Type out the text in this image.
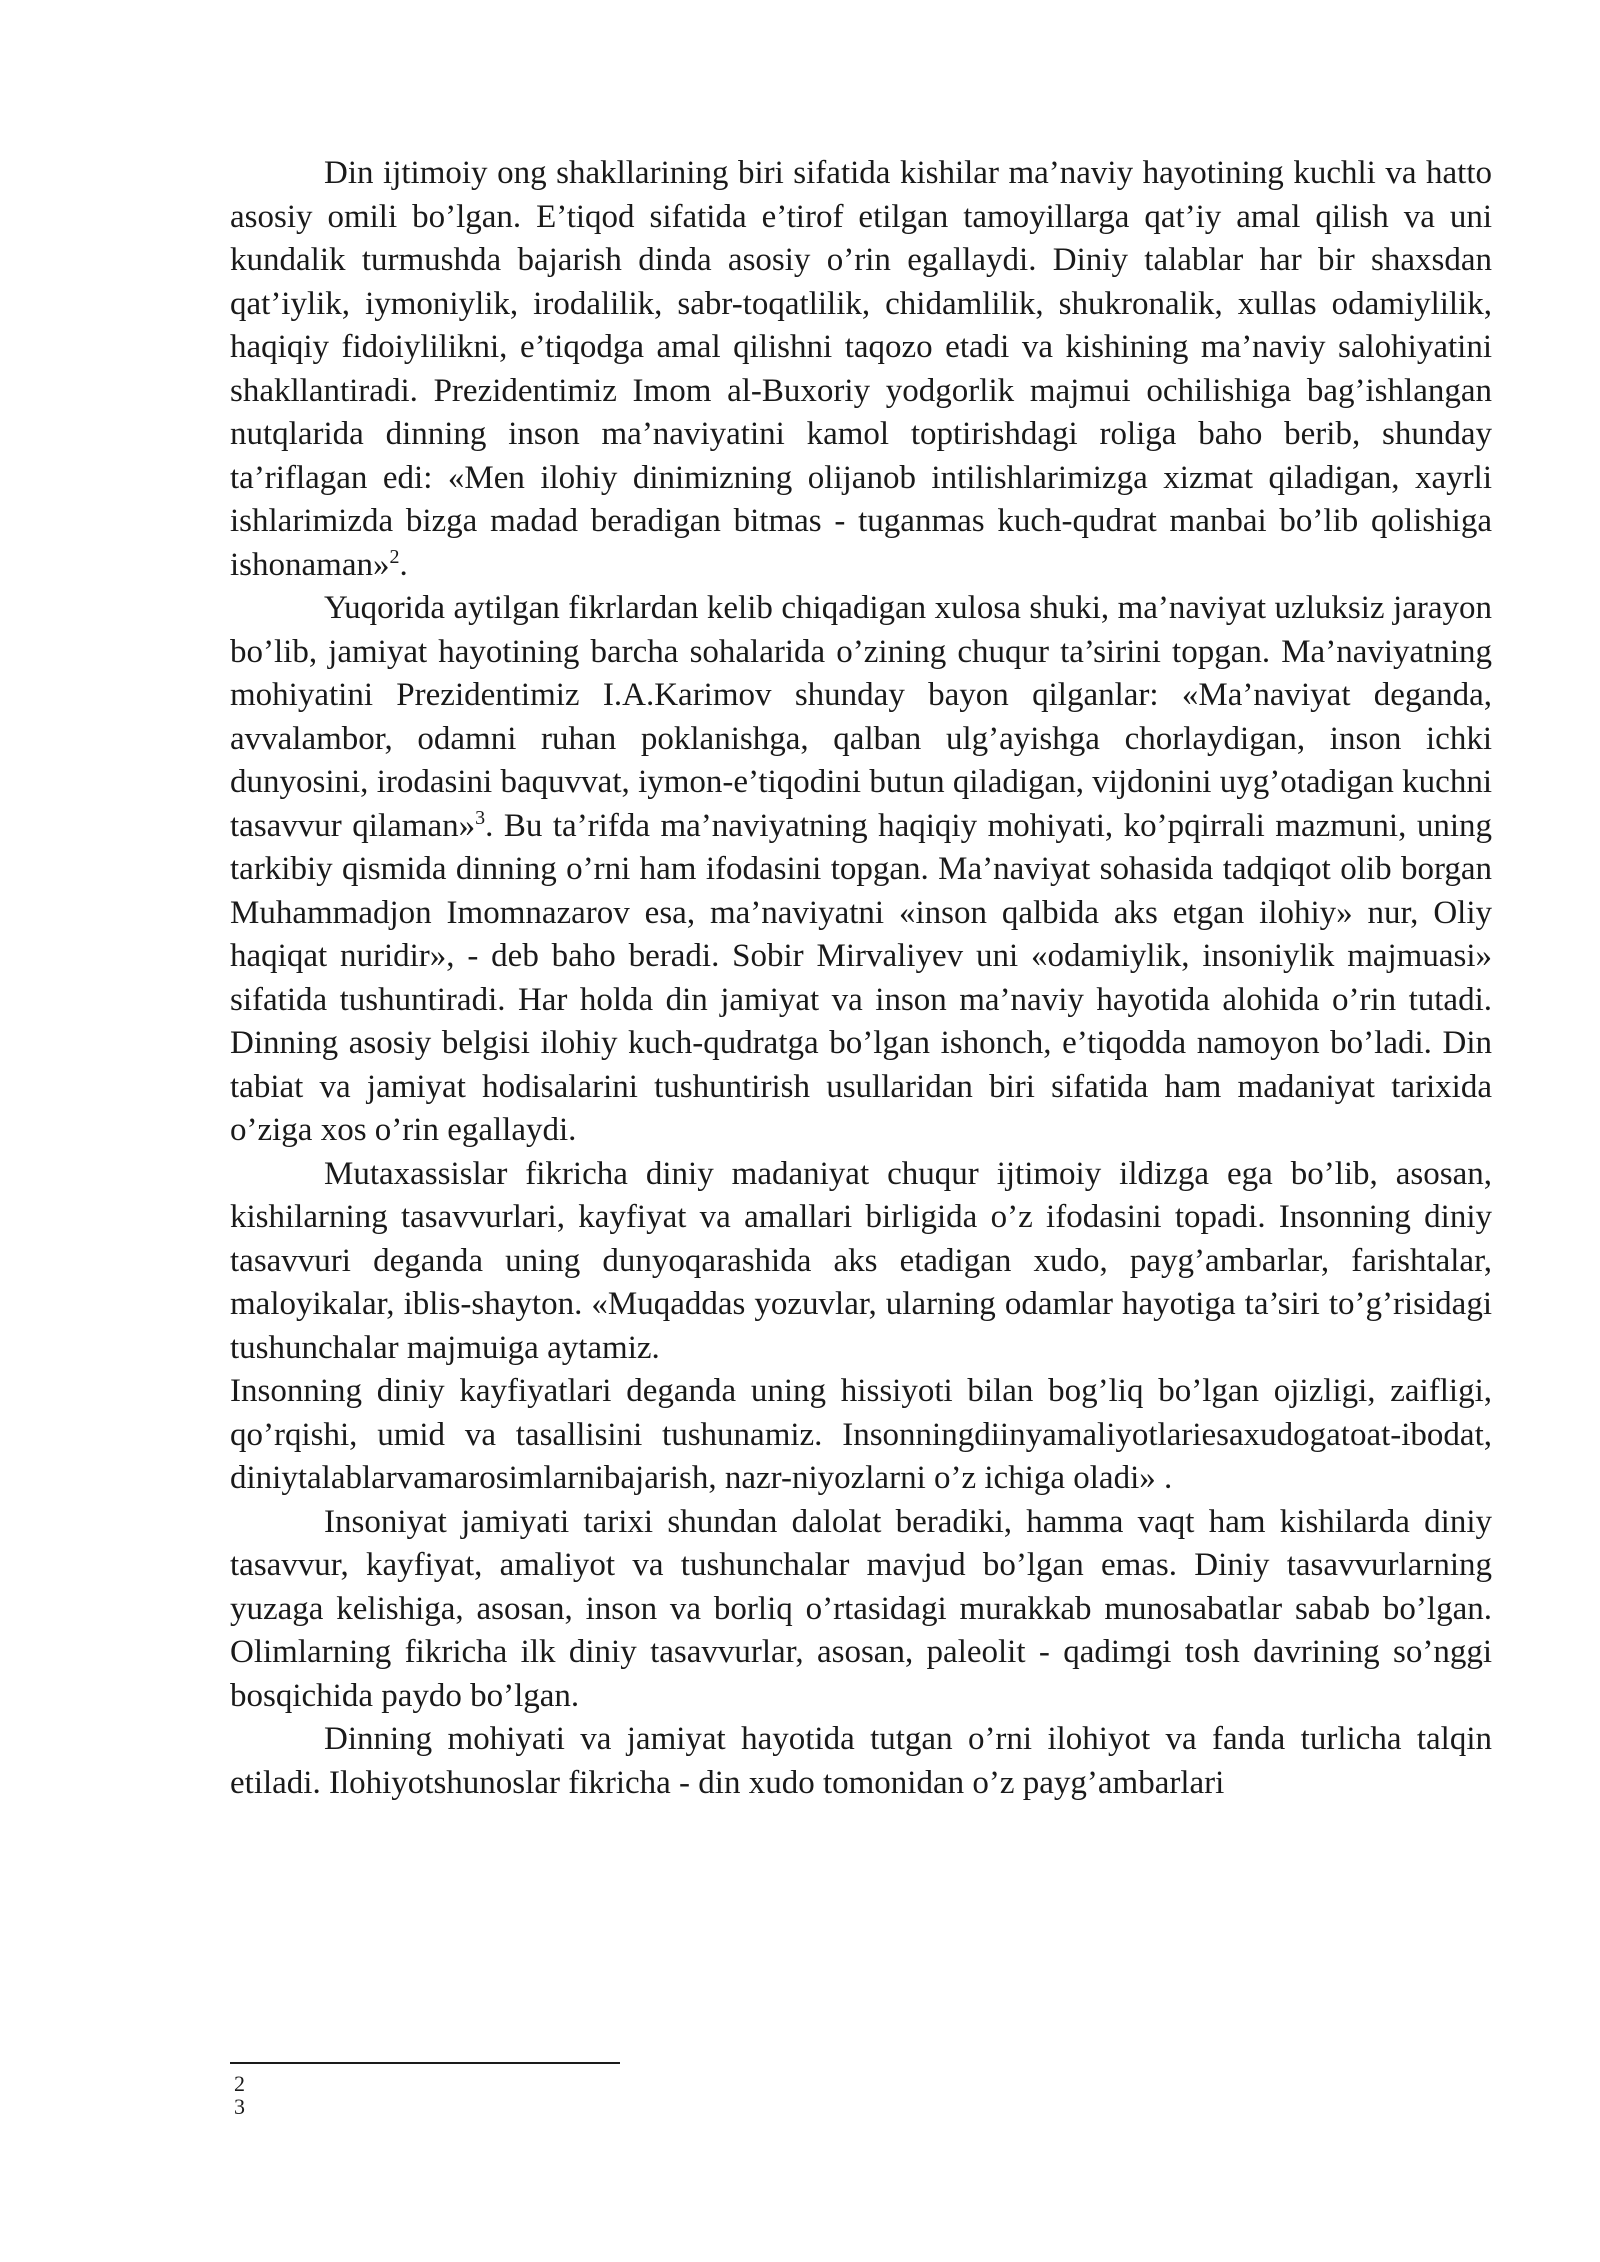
Din ijtimoiy ong shakllarining biri sifatida kishilar ma’naviy hayotining kuchli va hatto asosiy omili bo’lgan. E’tiqod sifatida e’tirof etilgan tamoyillarga qat’iy amal qilish va uni kundalik turmushda bajarish dinda asosiy o’rin egallaydi. Diniy talablar har bir shaxsdan qat’iylik, iymoniylik, irodalilik, sabr-toqatlilik, chidamlilik, shukronalik, xullas odamiylilik, haqiqiy fidoiylilikni, e’tiqodga amal qilishni taqozo etadi va kishining ma’naviy salohiyatini shakllantiradi. Prezidentimiz Imom al-Buxoriy yodgorlik majmui ochilishiga bag’ishlangan nutqlarida dinning inson ma’naviyatini kamol toptirishdagi roliga baho berib, shunday ta’riflagan edi: «Men ilohiy dinimizning olijanob intilishlarimizga xizmat qiladigan, xayrli ishlarimizda bizga madad beradigan bitmas - tuganmas kuch-qudrat manbai bo’lib qolishiga ishonaman»$^2$.

Yuqorida aytilgan fikrlardan kelib chiqadigan xulosa shuki, ma’naviyat uzluksiz jarayon bo’lib, jamiyat hayotining barcha sohalarida o’zining chuqur ta’sirini topgan. Ma’naviyatning mohiyatini Prezidentimiz I.A.Karimov shunday bayon qilganlar: «Ma’naviyat deganda, avvalambor, odamni ruhan poklanishga, qalban ulg’ayishga chorlaydigan, inson ichki dunyosini, irodasini baquvvat, iymon-e’tiqodini butun qiladigan, vijdonini uyg’otadigan kuchni tasavvur qilaman»$^3$. Bu ta’rifda ma’naviyatning haqiqiy mohiyati, ko’pqirrali mazmuni, uning tarkibiy qismida dinning o’rni ham ifodasini topgan. Ma’naviyat sohasida tadqiqot olib borgan Muhammadjon Imomnazarov esa, ma’naviyatni «inson qalbida aks etgan ilohiy» nur, Oliy haqiqat nuridir», - deb baho beradi. Sobir Mirvaliyev uni «odamiylik, insoniylik majmuasi» sifatida tushuntiradi. Har holda din jamiyat va inson ma’naviy hayotida alohida o’rin tutadi. Dinning asosiy belgisi ilohiy kuch-qudratga bo’lgan ishonch, e’tiqodda namoyon bo’ladi. Din tabiat va jamiyat hodisalarini tushuntirish usullaridan biri sifatida ham madaniyat tarixida o’ziga xos o’rin egallaydi.

Mutaxassislar fikricha diniy madaniyat chuqur ijtimoiy ildizga ega bo’lib, asosan, kishilarning tasavvurlari, kayfiyat va amallari birligida o’z ifodasini topadi. Insonning diniy tasavvuri deganda uning dunyoqarashida aks etadigan xudo, payg’ambarlar, farishtalar, maloyikalar, iblis-shayton. «Muqaddas yozuvlar, ularning odamlar hayotiga ta’siri to’g’risidagi tushunchalar majmuiga aytamiz.

Insonning diniy kayfiyatlari deganda uning hissiyoti bilan bog’liq bo’lgan ojizligi, zaifligi, qo’rqishi, umid va tasallisini tushunamiz. Insonningdiinyamaliyotlariesaxudogatoat-ibodat, diniytalablarvamarosimlarnibajarish, nazr-niyozlarni o’z ichiga oladi» .

Insoniyat jamiyati tarixi shundan dalolat beradiki, hamma vaqt ham kishilarda diniy tasavvur, kayfiyat, amaliyot va tushunchalar mavjud bo’lgan emas. Diniy tasavvurlarning yuzaga kelishiga, asosan, inson va borliq o’rtasidagi murakkab munosabatlar sabab bo’lgan. Olimlarning fikricha ilk diniy tasavvurlar, asosan, paleolit - qadimgi tosh davrining so’nggi bosqichida paydo bo’lgan.

Dinning mohiyati va jamiyat hayotida tutgan o’rni ilohiyot va fanda turlicha talqin etiladi. Ilohiyotshunoslar fikricha - din xudo tomonidan o’z payg’ambarlari

2
3
